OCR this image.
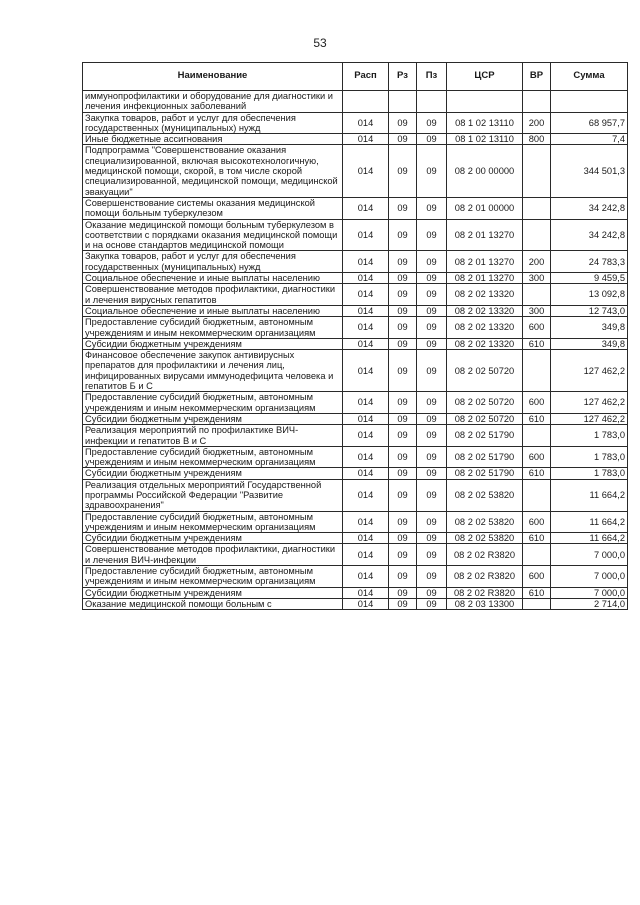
53
Наименование	Расп	Рз	Пз	ЦСР	ВР	Сумма
иммунопрофилактики и оборудование для диагностики и лечения инфекционных заболеваний						
Закупка товаров, работ и услуг для обеспечения государственных (муниципальных) нужд	014	09	09	08 1 02 13110	200	68 957,7
Иные бюджетные ассигнования	014	09	09	08 1 02 13110	800	7,4
Подпрограмма "Совершенствование оказания специализированной, включая высокотехнологичную, медицинской помощи, скорой, в том числе скорой специализированной, медицинской помощи, медицинской эвакуации"	014	09	09	08 2 00 00000		344 501,3
Совершенствование системы оказания медицинской помощи больным туберкулезом	014	09	09	08 2 01 00000		34 242,8
Оказание медицинской помощи больным туберкулезом в соответствии с порядками оказания медицинской помощи и на основе стандартов медицинской помощи	014	09	09	08 2 01 13270		34 242,8
Закупка товаров, работ и услуг для обеспечения государственных (муниципальных) нужд	014	09	09	08 2 01 13270	200	24 783,3
Социальное обеспечение и иные выплаты населению	014	09	09	08 2 01 13270	300	9 459,5
Совершенствование методов профилактики, диагностики и лечения вирусных гепатитов	014	09	09	08 2 02 13320		13 092,8
Социальное обеспечение и иные выплаты населению	014	09	09	08 2 02 13320	300	12 743,0
Предоставление субсидий бюджетным, автономным учреждениям и иным некоммерческим организациям	014	09	09	08 2 02 13320	600	349,8
Субсидии бюджетным учреждениям	014	09	09	08 2 02 13320	610	349,8
Финансовое обеспечение закупок антивирусных препаратов для профилактики и лечения лиц, инфицированных вирусами иммунодефицита человека и гепатитов Б и С	014	09	09	08 2 02 50720		127 462,2
Предоставление субсидий бюджетным, автономным учреждениям и иным некоммерческим организациям	014	09	09	08 2 02 50720	600	127 462,2
Субсидии бюджетным учреждениям	014	09	09	08 2 02 50720	610	127 462,2
Реализация мероприятий по профилактике ВИЧ-инфекции и гепатитов В и С	014	09	09	08 2 02 51790		1 783,0
Предоставление субсидий бюджетным, автономным учреждениям и иным некоммерческим организациям	014	09	09	08 2 02 51790	600	1 783,0
Субсидии бюджетным учреждениям	014	09	09	08 2 02 51790	610	1 783,0
Реализация отдельных мероприятий Государственной программы Российской Федерации "Развитие здравоохранения"	014	09	09	08 2 02 53820		11 664,2
Предоставление субсидий бюджетным, автономным учреждениям и иным некоммерческим организациям	014	09	09	08 2 02 53820	600	11 664,2
Субсидии бюджетным учреждениям	014	09	09	08 2 02 53820	610	11 664,2
Совершенствование методов профилактики, диагностики и лечения ВИЧ-инфекции	014	09	09	08 2 02 R3820		7 000,0
Предоставление субсидий бюджетным, автономным учреждениям и иным некоммерческим организациям	014	09	09	08 2 02 R3820	600	7 000,0
Субсидии бюджетным учреждениям	014	09	09	08 2 02 R3820	610	7 000,0
Оказание медицинской помощи больным с	014	09	09	08 2 03 13300		2 714,0
